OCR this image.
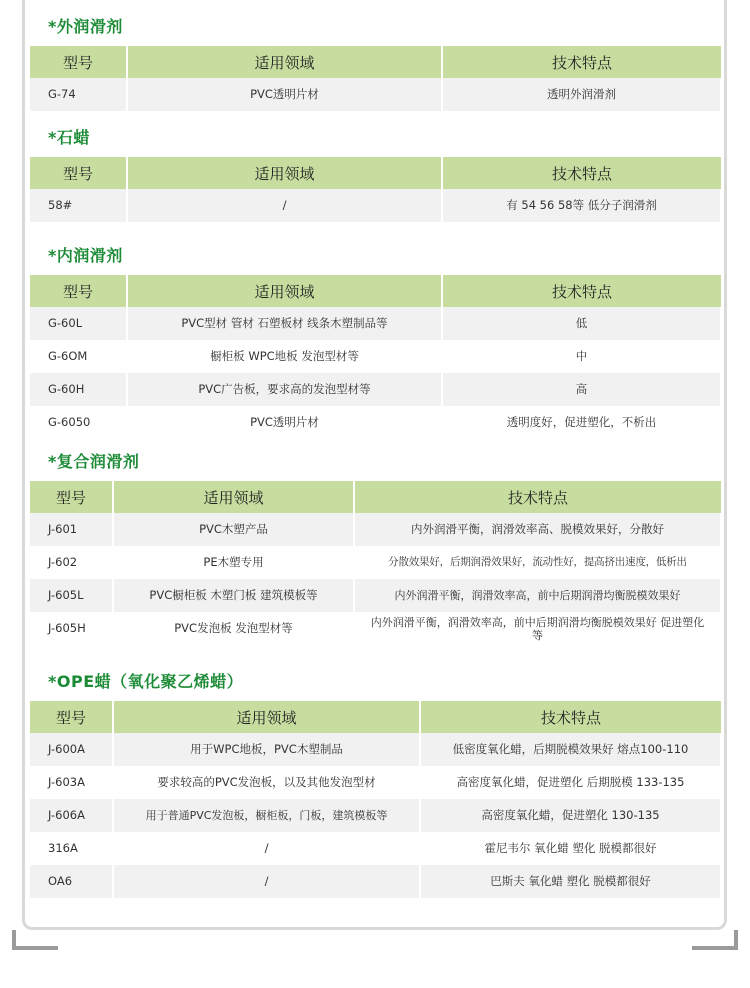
*外润滑剂
型号	适用领域	技术特点
G-74	PVC透明片材	透明外润滑剂
*石蜡
型号	适用领域	技术特点
58#	/	有 54 56 58等 低分子润滑剂
*内润滑剂
型号	适用领域	技术特点
G-60L	PVC型材 管材 石塑板材 线条木塑制品等	低
G-6OM	橱柜板 WPC地板 发泡型材等	中
G-60H	PVC广告板，要求高的发泡型材等	高
G-6050	PVC透明片材	透明度好，促进塑化，不析出
*复合润滑剂
型号	适用领域	技术特点
J-601	PVC木塑产品	内外润滑平衡，润滑效率高、脱模效果好，分散好
J-602	PE木塑专用	分散效果好，后期润滑效果好，流动性好，提高挤出速度，低析出
J-605L	PVC橱柜板 木塑门板 建筑模板等	内外润滑平衡，润滑效率高，前中后期润滑均衡脱模效果好
J-605H	PVC发泡板 发泡型材等	内外润滑平衡，润滑效率高，前中后期润滑均衡脱模效果好 促进塑化等
*OPE蜡（氧化聚乙烯蜡）
型号	适用领域	技术特点
J-600A	用于WPC地板，PVC木塑制品	低密度氧化蜡，后期脱模效果好 熔点100-110
J-603A	要求较高的PVC发泡板，以及其他发泡型材	高密度氧化蜡，促进塑化 后期脱模 133-135
J-606A	用于普通PVC发泡板，橱柜板，门板，建筑模板等	高密度氧化蜡，促进塑化 130-135
316A	/	霍尼韦尔 氧化蜡 塑化 脱模都很好
OA6	/	巴斯夫 氧化蜡 塑化 脱模都很好
